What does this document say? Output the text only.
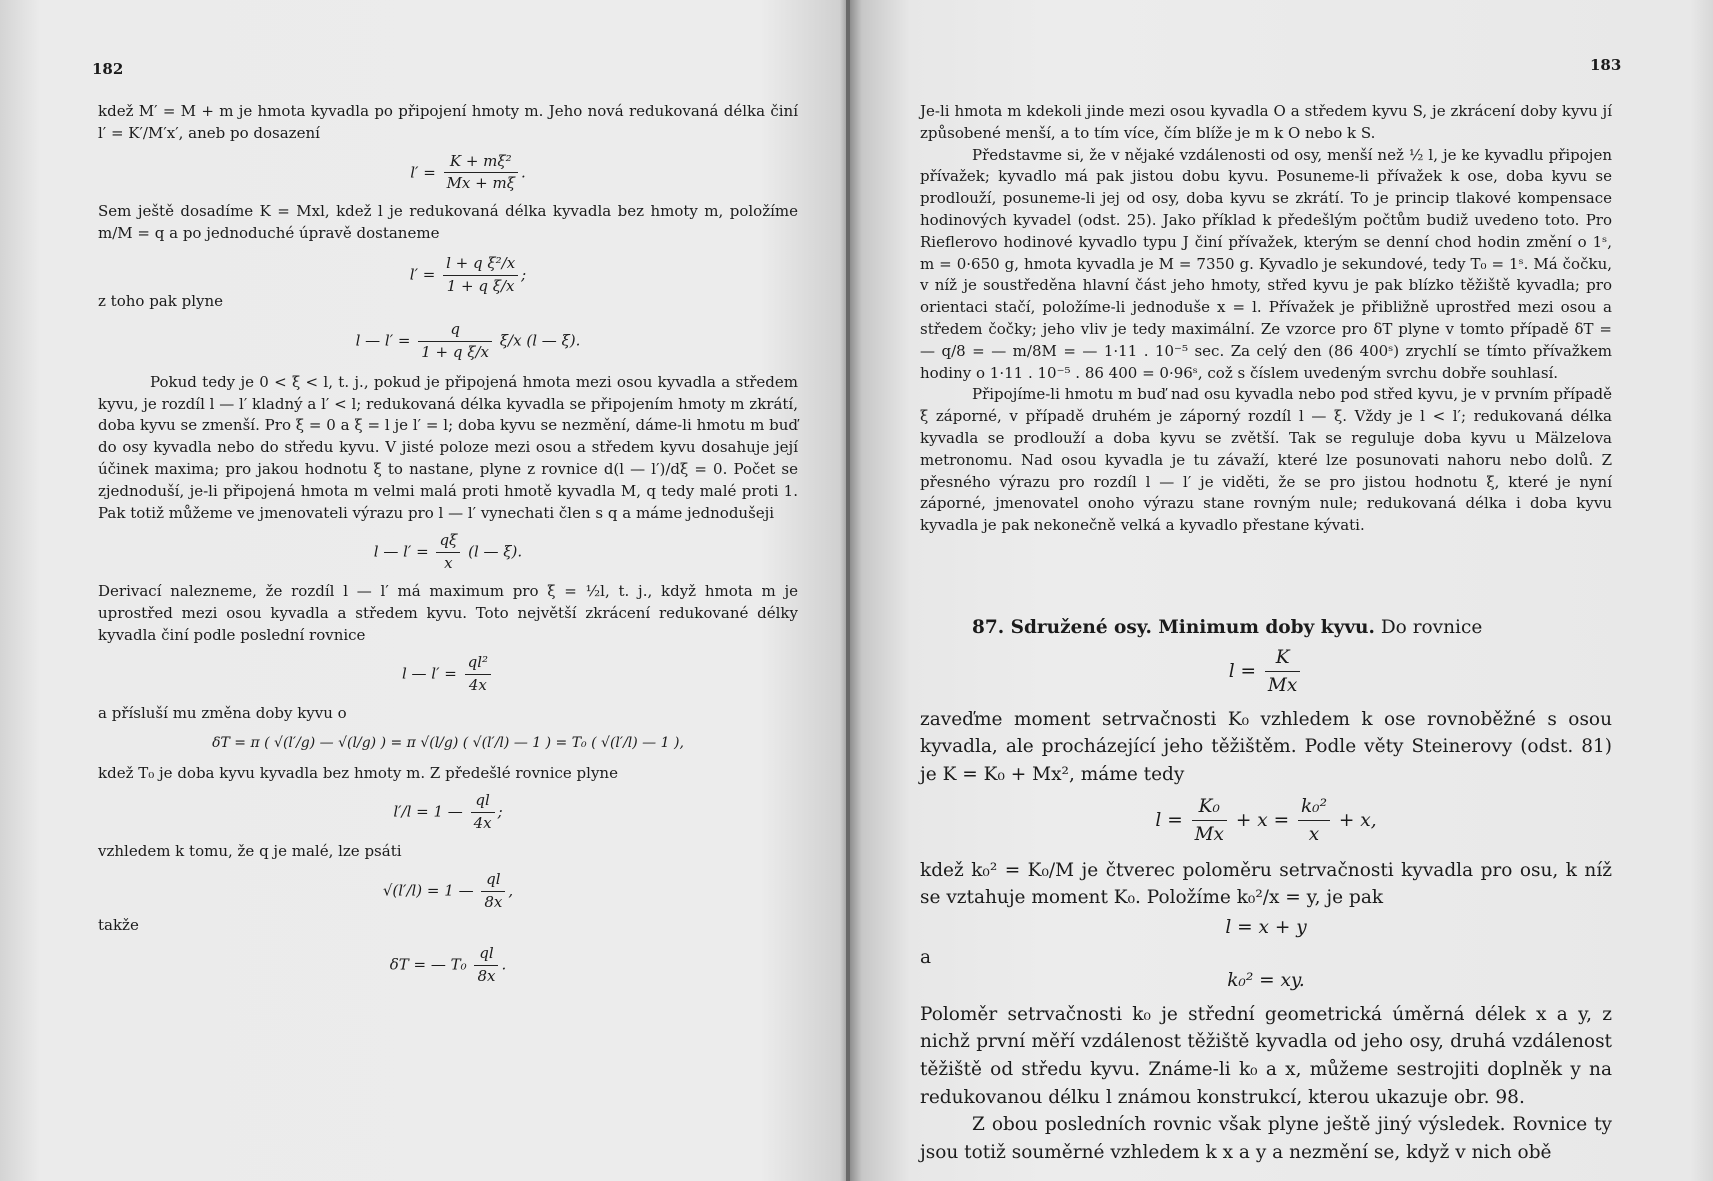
182

kdež M′ = M + m je hmota kyvadla po připojení hmoty m. Jeho nová redukovaná délka činí l′ = K′/M′x′, aneb po dosazení

$l' = \frac{\text{K + mξ²}}{Mx + m\xi}$ .

Sem ještě dosadíme K = Mxl, kdež l je redukovaná délka kyvadla bez hmoty m, položíme m/M = q a po jednoduché úpravě dostaneme

$l' = \frac{\text{l + q ξ²/x}}{\text{1 + q ξ/x}}$ ;

z toho pak plyne

l — $l' = \frac{q}{\text{1 + q ξ/x}} \xi/x$ (l — ξ).

Pokud tedy je 0 < ξ < l, t. j., pokud je připojená hmota mezi osou kyvadla a středem kyvu, je rozdíl l — l′ kladný a l′ < l; redukovaná délka kyvadla se připojením hmoty m zkrátí, doba kyvu se zmenší. Pro ξ = 0 a ξ = l je l′ = l; doba kyvu se nezmění, dáme-li hmotu m buď do osy kyvadla nebo do středu kyvu. V jisté poloze mezi osou a středem kyvu dosahuje její účinek maxima; pro jakou hodnotu ξ to nastane, plyne z rovnice d(l — l′)/dξ = 0. Počet se zjednoduší, je-li připojená hmota m velmi malá proti hmotě kyvadla M, q tedy malé proti 1. Pak totiž můžeme ve jmenovateli výrazu pro l — l′ vynechati člen s q a máme jednodušeji

l — $l' = \frac{q\xi}{x} (l$ — ξ).

Derivací nalezneme, že rozdíl l — l′ má maximum pro ξ = ½l, t. j., když hmota m je uprostřed mezi osou kyvadla a středem kyvu. Toto největší zkrácení redukované délky kyvadla činí podle poslední rovnice

l — $l' = \frac{\text{ql²}}{4x}$

a přísluší mu změna doby kyvu o

δT = π ( √(l′/g) — √(l/g) ) = π √(l/g) ( √(l′/l) — 1 ) = T₀ ( √(l′/l) — 1 ),

kdež T₀ je doba kyvu kyvadla bez hmoty m. Z předešlé rovnice plyne

l′/l = 1 — $\frac{ql}{4x}$ ;

vzhledem k tomu, že q je malé, lze psáti

√(l′/l) = 1 — $\frac{ql}{8x}$ ,

takže

δT = — $T_0 \frac{ql}{8x}$ .
183

Je-li hmota m kdekoli jinde mezi osou kyvadla O a středem kyvu S, je zkrácení doby kyvu jí způsobené menší, a to tím více, čím blíže je m k O nebo k S.

Představme si, že v nějaké vzdálenosti od osy, menší než ½ l, je ke kyvadlu připojen přívažek; kyvadlo má pak jistou dobu kyvu. Posuneme-li přívažek k ose, doba kyvu se prodlouží, posuneme-li jej od osy, doba kyvu se zkrátí. To je princip tlakové kompensace hodinových kyvadel (odst. 25). Jako příklad k předešlým počtům budiž uvedeno toto. Pro Rieflerovo hodinové kyvadlo typu J činí přívažek, kterým se denní chod hodin změní o 1ˢ, m = 0·650 g, hmota kyvadla je M = 7350 g. Kyvadlo je sekundové, tedy T₀ = 1ˢ. Má čočku, v níž je soustředěna hlavní část jeho hmoty, střed kyvu je pak blízko těžiště kyvadla; pro orientaci stačí, položíme-li jednoduše x = l. Přívažek je přibližně uprostřed mezi osou a středem čočky; jeho vliv je tedy maximální. Ze vzorce pro δT plyne v tomto případě δT = — q/8 = — m/8M = — 1·11 . 10⁻⁵ sec. Za celý den (86 400ˢ) zrychlí se tímto přívažkem hodiny o 1·11 . 10⁻⁵ . 86 400 = 0·96ˢ, což s číslem uvedeným svrchu dobře souhlasí.

Připojíme-li hmotu m buď nad osu kyvadla nebo pod střed kyvu, je v prvním případě ξ záporné, v případě druhém je záporný rozdíl l — ξ. Vždy je l < l′; redukovaná délka kyvadla se prodlouží a doba kyvu se zvětší. Tak se reguluje doba kyvu u Mälzelova metronomu. Nad osou kyvadla je tu závaží, které lze posunovati nahoru nebo dolů. Z přesného výrazu pro rozdíl l — l′ je viděti, že se pro jistou hodnotu ξ, které je nyní záporné, jmenovatel onoho výrazu stane rovným nule; redukovaná délka i doba kyvu kyvadla je pak nekonečně velká a kyvadlo přestane kývati.

87. Sdružené osy. Minimum doby kyvu. Do rovnice

$l = \frac{K}{Mx}$

zaveďme moment setrvačnosti K₀ vzhledem k ose rovnoběžné s osou kyvadla, ale procházející jeho těžištěm. Podle věty Steinerovy (odst. 81) je K = K₀ + Mx², máme tedy

$l = \frac{\text{K₀}}{Mx} + x = \frac{\text{k₀²}}{x} + x$,

kdež k₀² = K₀/M je čtverec poloměru setrvačnosti kyvadla pro osu, k níž se vztahuje moment K₀. Položíme k₀²/x = y, je pak

l = x + y

a

k₀² = xy.

Poloměr setrvačnosti k₀ je střední geometrická úměrná délek x a y, z nichž první měří vzdálenost těžiště kyvadla od jeho osy, druhá vzdálenost těžiště od středu kyvu. Známe-li k₀ a x, můžeme sestrojiti doplněk y na redukovanou délku l známou konstrukcí, kterou ukazuje obr. 98.

Z obou posledních rovnic však plyne ještě jiný výsledek. Rovnice ty jsou totiž souměrné vzhledem k x a y a nezmění se, když v nich obě
